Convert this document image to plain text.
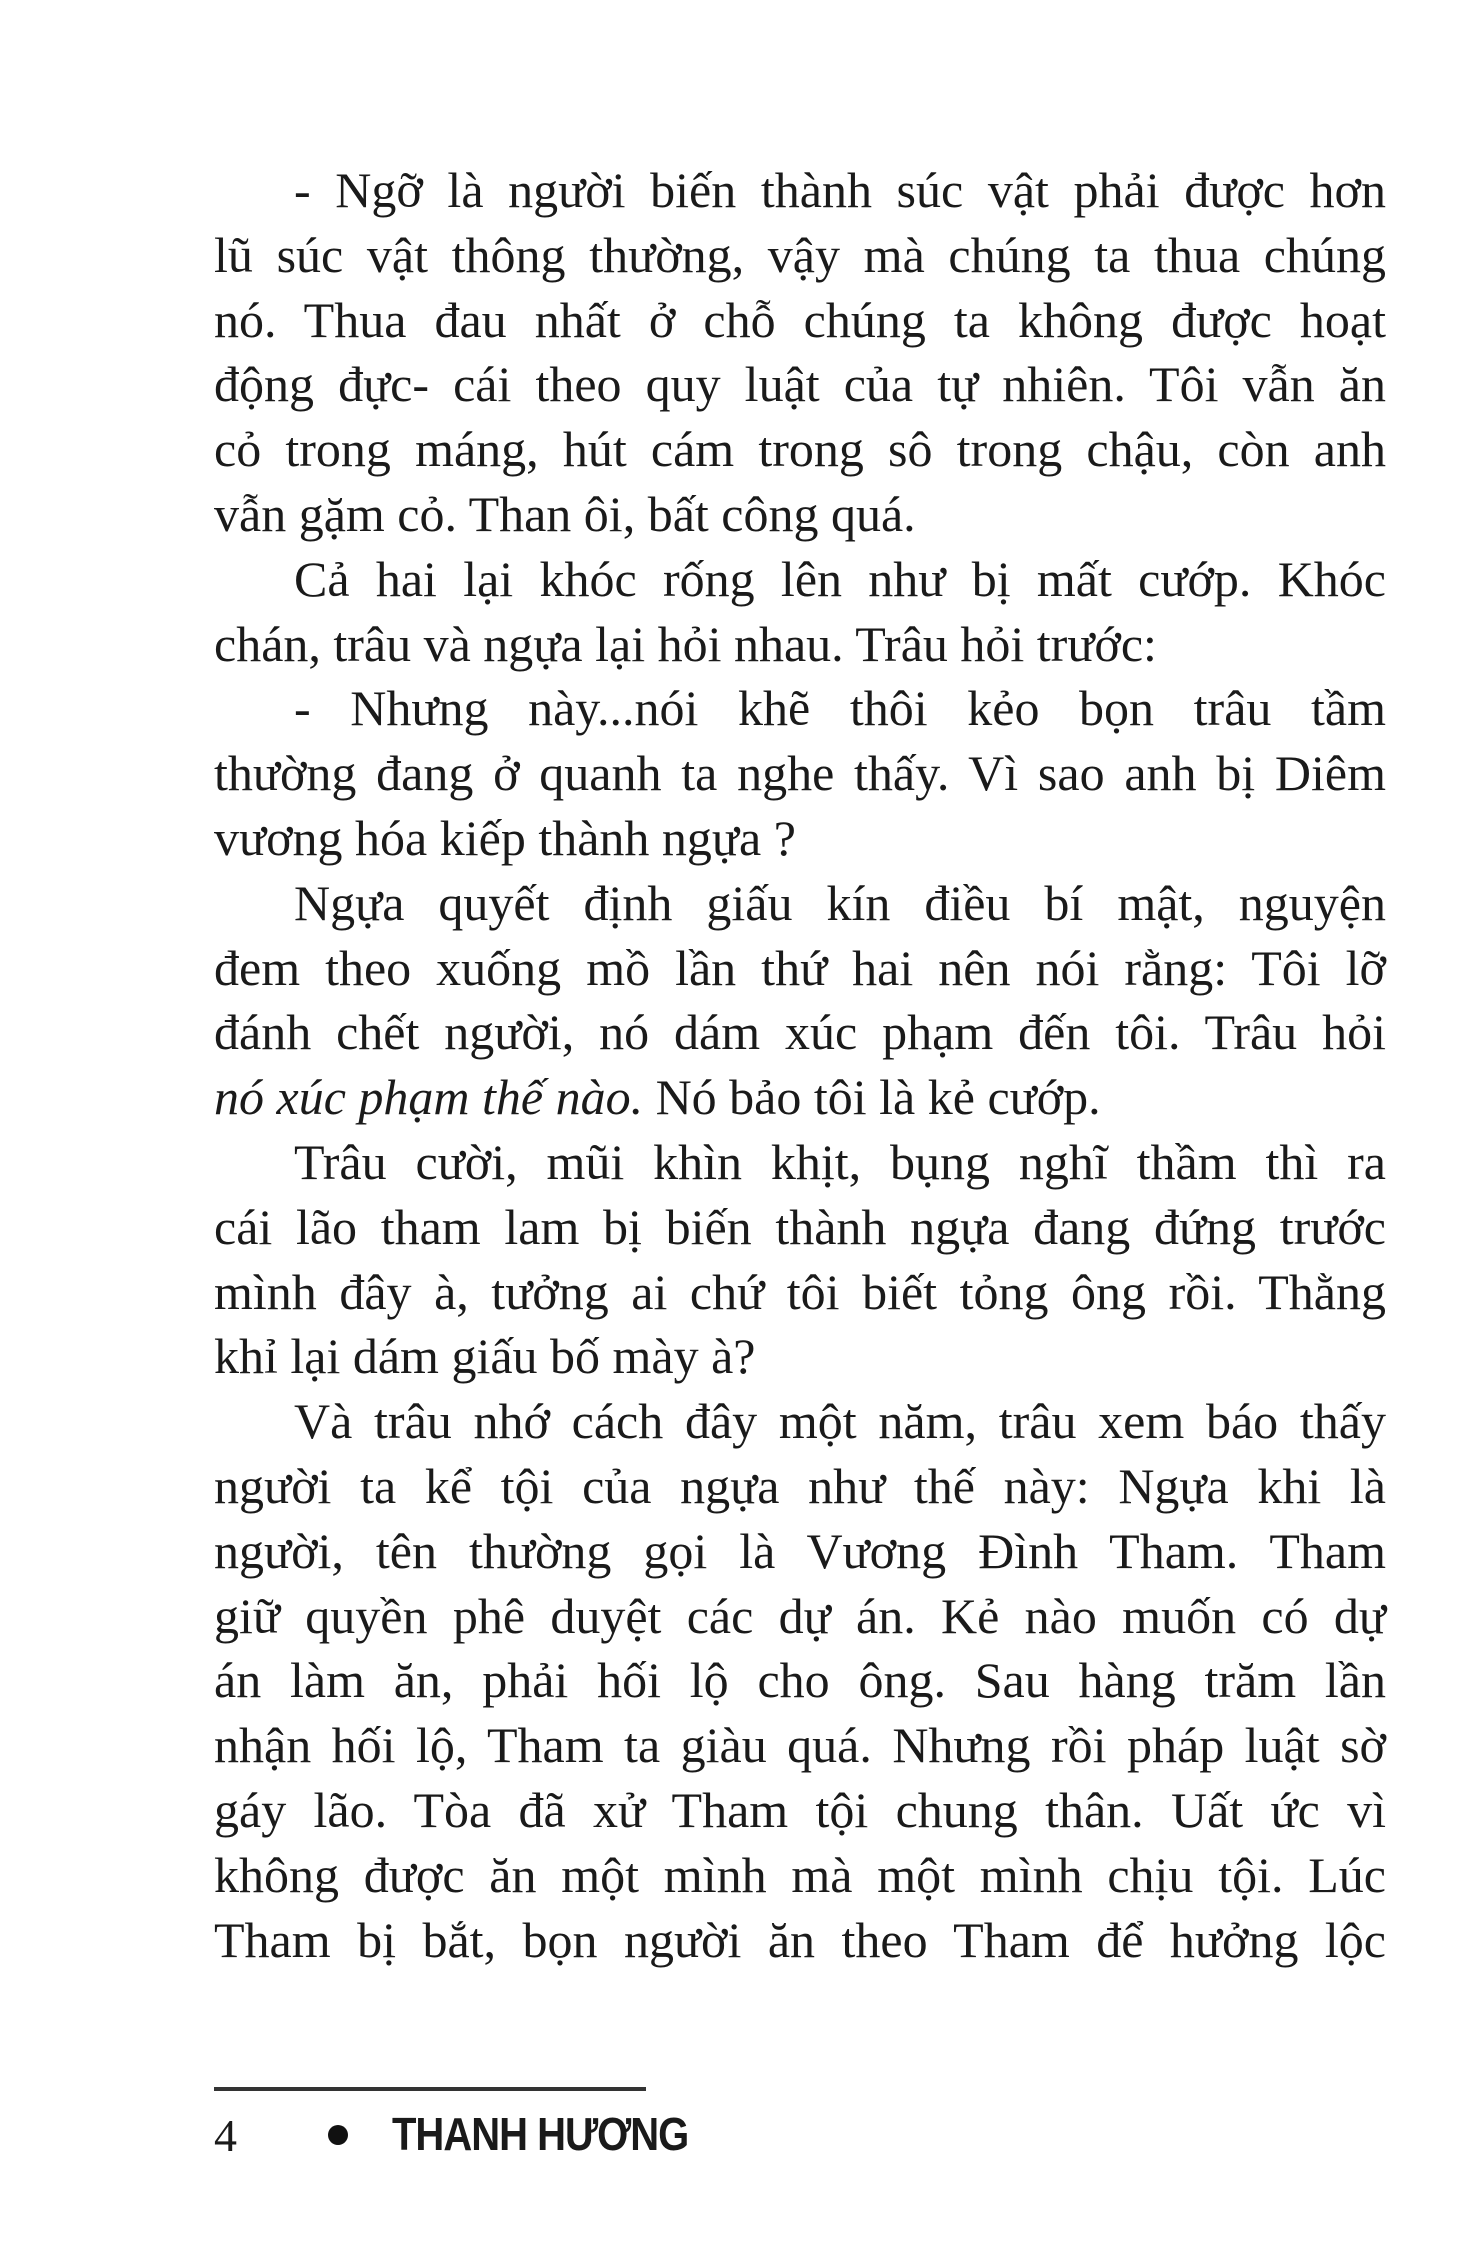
- Ngỡ là người biến thành súc vật phải được hơn
lũ súc vật thông thường, vậy mà chúng ta thua chúng
nó. Thua đau nhất ở chỗ chúng ta không được hoạt
động đực- cái theo quy luật của tự nhiên. Tôi vẫn ăn
cỏ trong máng, hút cám trong sô trong chậu, còn anh
vẫn gặm cỏ. Than ôi, bất công quá.
Cả hai lại khóc rống lên như bị mất cướp. Khóc
chán, trâu và ngựa lại hỏi nhau. Trâu hỏi trước:
- Nhưng này...nói khẽ thôi kẻo bọn trâu tầm
thường đang ở quanh ta nghe thấy. Vì sao anh bị Diêm
vương hóa kiếp thành ngựa ?
Ngựa quyết định giấu kín điều bí mật, nguyện
đem theo xuống mồ lần thứ hai nên nói rằng: Tôi lỡ
đánh chết người, nó dám xúc phạm đến tôi. Trâu hỏi
nó xúc phạm thế nào. Nó bảo tôi là kẻ cướp.
Trâu cười, mũi khìn khịt, bụng nghĩ thầm thì ra
cái lão tham lam bị biến thành ngựa đang đứng trước
mình đây à, tưởng ai chứ tôi biết tỏng ông rồi. Thằng
khỉ lại dám giấu bố mày à?
Và trâu nhớ cách đây một năm, trâu xem báo thấy
người ta kể tội của ngựa như thế này: Ngựa khi là
người, tên thường gọi là Vương Đình Tham. Tham
giữ quyền phê duyệt các dự án. Kẻ nào muốn có dự
án làm ăn, phải hối lộ cho ông. Sau hàng trăm lần
nhận hối lộ, Tham ta giàu quá. Nhưng rồi pháp luật sờ
gáy lão. Tòa đã xử Tham tội chung thân. Uất ức vì
không được ăn một mình mà một mình chịu tội. Lúc
Tham bị bắt, bọn người ăn theo Tham để hưởng lộc
4	THANH HƯƠNG
